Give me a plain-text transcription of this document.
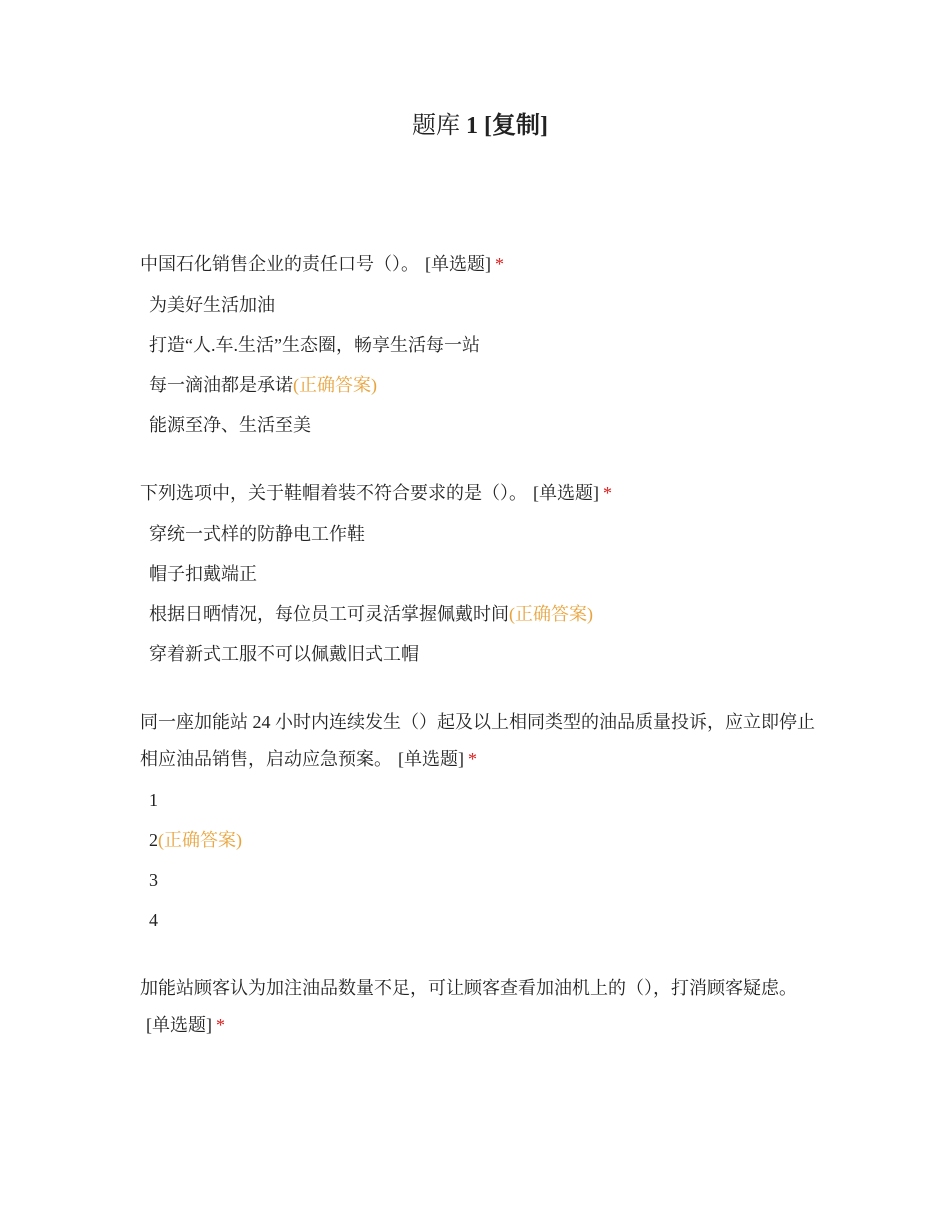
题库 1 [复制]
中国石化销售企业的责任口号（）。 [单选题] *
为美好生活加油
打造“人.车.生活”生态圈，畅享生活每一站
每一滴油都是承诺(正确答案)
能源至净、生活至美
下列选项中，关于鞋帽着装不符合要求的是（）。 [单选题] *
穿统一式样的防静电工作鞋
帽子扣戴端正
根据日晒情况，每位员工可灵活掌握佩戴时间(正确答案)
穿着新式工服不可以佩戴旧式工帽
同一座加能站 24 小时内连续发生（）起及以上相同类型的油品质量投诉，应立即停止相应油品销售，启动应急预案。 [单选题] *
1
2(正确答案)
3
4
加能站顾客认为加注油品数量不足，可让顾客查看加油机上的（），打消顾客疑虑。[单选题] *
